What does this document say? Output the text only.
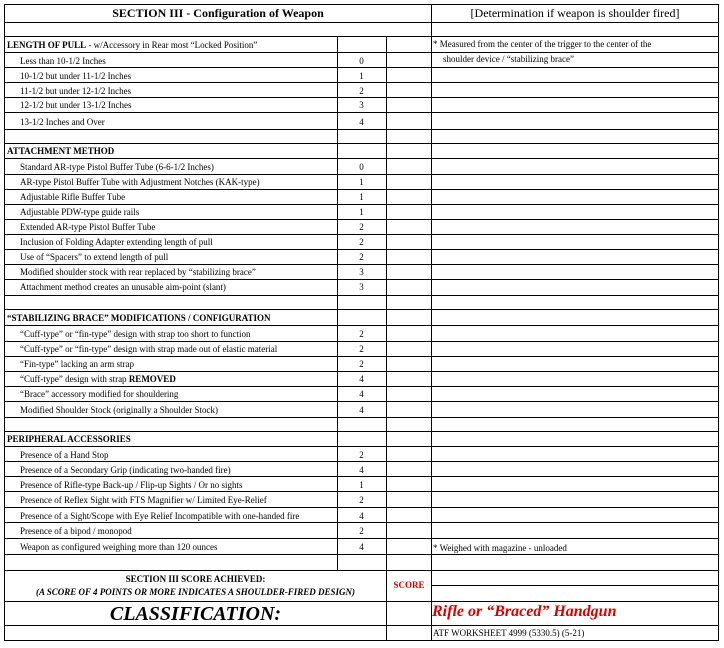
SECTION III - Configuration of Weapon	[Determination if weapon is shoulder fired]
LENGTH OF PULL - w/Accessory in Rear most “Locked Position”	* Measured from the center of the trigger to the center of the
shoulder device / “stabilizing brace”
Less than 10-1/2 Inches	0
10-1/2 but under 11-1/2 Inches	1
11-1/2 but under 12-1/2 Inches	2
12-1/2 but under 13-1/2 Inches	3
13-1/2 Inches and Over	4
ATTACHMENT METHOD
Standard AR-type Pistol Buffer Tube (6-6-1/2 Inches)	0
AR-type Pistol Buffer Tube with Adjustment Notches (KAK-type)	1
Adjustable Rifle Buffer Tube	1
Adjustable PDW-type guide rails	1
Extended AR-type Pistol Buffer Tube	2
Inclusion of Folding Adapter extending length of pull	2
Use of “Spacers” to extend length of pull	2
Modified shoulder stock with rear replaced by “stabilizing brace”	3
Attachment method creates an unusable aim-point (slant)	3
“STABILIZING BRACE” MODIFICATIONS / CONFIGURATION
“Cuff-type” or “fin-type” design with strap too short to function	2
“Cuff-type” or “fin-type” design with strap made out of elastic material	2
“Fin-type” lacking an arm strap	2
“Cuff-type” design with strap REMOVED	4
“Brace” accessory modified for shouldering	4
Modified Shoulder Stock (originally a Shoulder Stock)	4
PERIPHERAL ACCESSORIES
Presence of a Hand Stop	2
Presence of a Secondary Grip (indicating two-handed fire)	4
Presence of Rifle-type Back-up / Flip-up Sights / Or no sights	1
Presence of Reflex Sight with FTS Magnifier w/ Limited Eye-Relief	2
Presence of a Sight/Scope with Eye Relief Incompatible with one-handed fire	4
Presence of a bipod / monopod	2
Weapon as configured weighing more than 120 ounces	4	* Weighed with magazine - unloaded
SECTION III SCORE ACHIEVED:
(A SCORE OF 4 POINTS OR MORE INDICATES A SHOULDER-FIRED DESIGN)
SCORE
CLASSIFICATION:	Rifle or “Braced” Handgun
ATF WORKSHEET 4999 (5330.5) (5-21)
